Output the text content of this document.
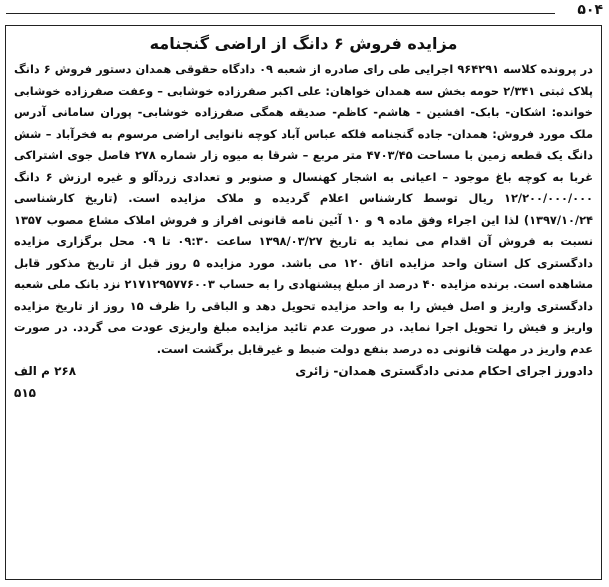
۵۰۴
مزایده فروش ۶ دانگ از اراضی گنجنامه

در پرونده کلاسه ۹۶۴۲۹۱ اجرایی طی رای صادره از شعبه ۰۹ دادگاه حقوقی همدان دستور فروش ۶ دانگ پلاک ثبتی ۲/۳۴۱ حومه بخش سه همدان خواهان: علی اکبر صفرزاده خوشابی – وعفت صفرزاده خوشابی خوانده: اشکان- بابک- افشین - هاشم- کاظم- صدیقه همگی صفرزاده خوشابی- پوران سامانی آدرس ملک مورد فروش: همدان- جاده گنجنامه فلکه عباس آباد کوچه نانوایی اراضی مرسوم به فخرآباد – شش دانگ یک قطعه زمین با مساحت ۴۷۰۳/۴۵ متر مربع – شرقا به میوه زار شماره ۲۷۸ فاصل جوی اشتراکی غربا به کوچه باغ موجود – اعیانی به اشجار کهنسال و صنوبر و تعدادی زردآلو و غیره ارزش ۶ دانگ ۱۲/۲۰۰/۰۰۰/۰۰۰ ریال توسط کارشناس اعلام گردیده و ملاک مزایده است. (تاریخ کارشناسی ۱۳۹۷/۱۰/۲۴) لذا این اجراء وفق ماده ۹ و ۱۰ آئین نامه قانونی افراز و فروش املاک مشاع مصوب ۱۳۵۷ نسبت به فروش آن اقدام می نماید به تاریخ ۱۳۹۸/۰۳/۲۷ ساعت ۰۹:۳۰ تا ۰۹ محل برگزاری مزایده دادگستری کل استان واحد مزایده اتاق ۱۲۰ می باشد. مورد مزایده ۵ روز قبل از تاریخ مذکور قابل مشاهده است. برنده مزایده ۴۰ درصد از مبلغ پیشنهادی را به حساب ۲۱۷۱۲۹۵۷۷۶۰۰۳ نزد بانک ملی شعبه دادگستری واریز و اصل فیش را به واحد مزایده تحویل دهد و الباقی را ظرف ۱۵ روز از تاریخ مزایده واریز و فیش را تحویل اجرا نماید. در صورت عدم تائید مزایده مبلغ واریزی عودت می گردد. در صورت عدم واریز در مهلت قانونی ده درصد بنفع دولت ضبط و غیرقابل برگشت است.

دادورز اجرای احکام مدنی دادگستری همدان- زائری
۲۶۸ م الف
۵۱۵
